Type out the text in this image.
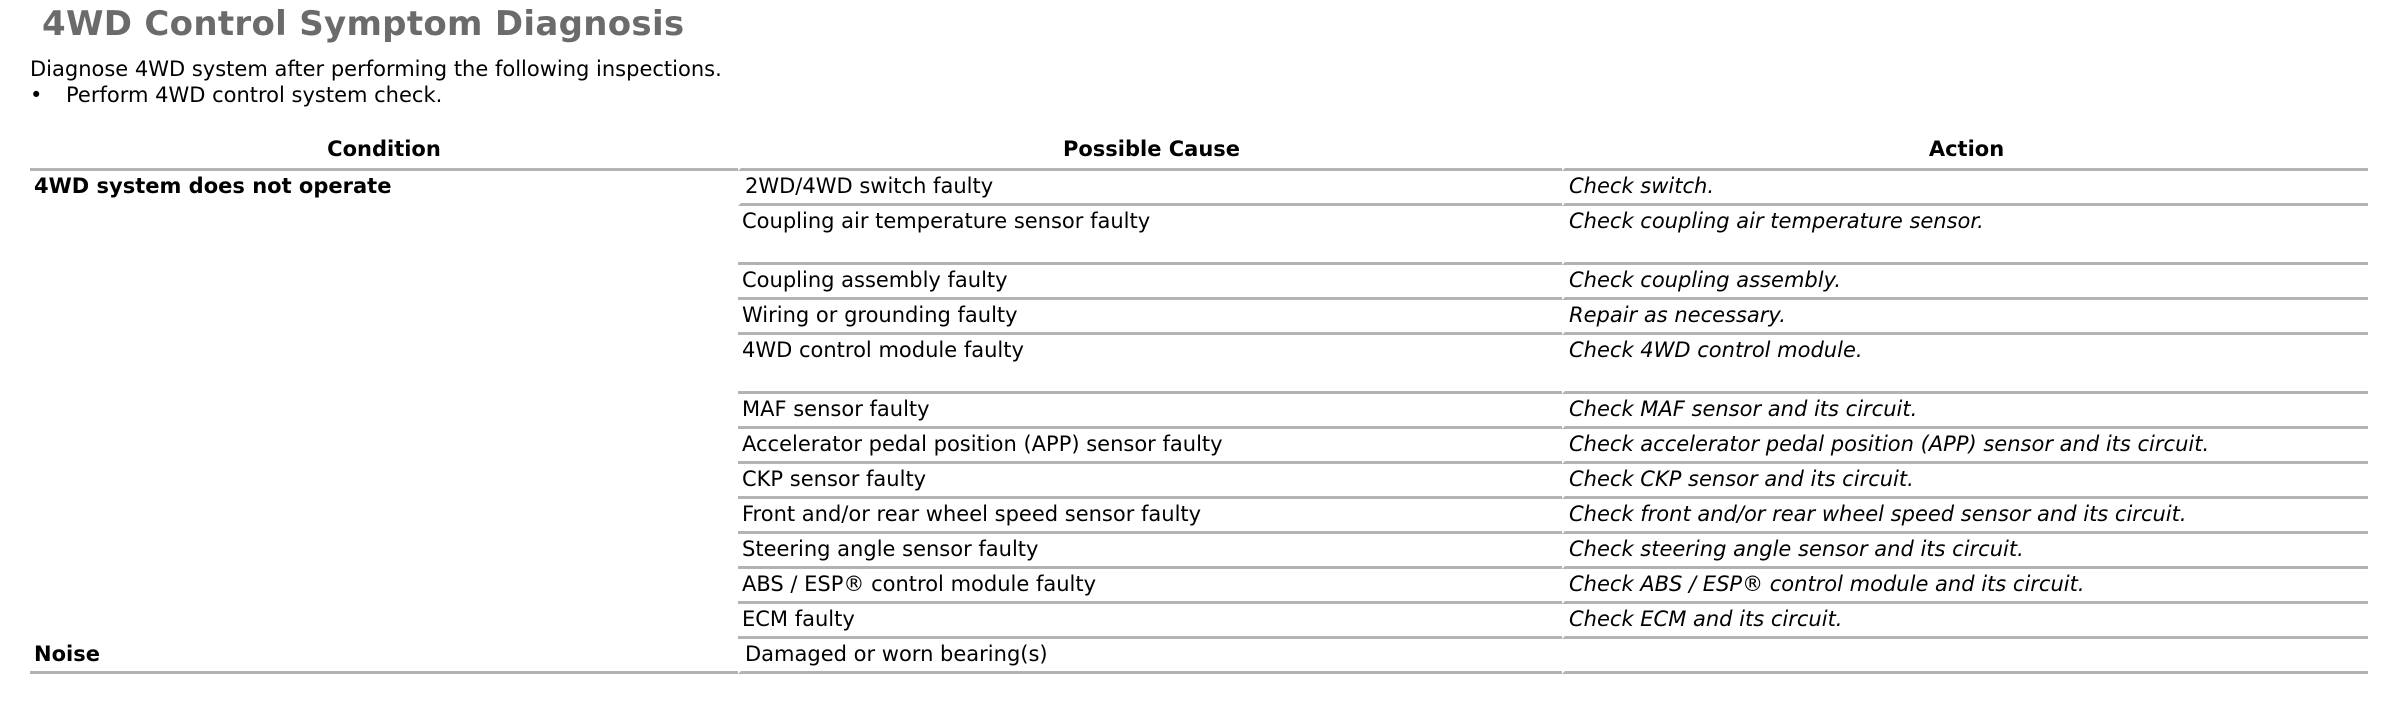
4WD Control Symptom Diagnosis
Diagnose 4WD system after performing the following inspections.
•	Perform 4WD control system check.
Condition	Possible Cause	Action
4WD system does not operate	2WD/4WD switch faulty	Check switch.
	Coupling air temperature sensor faulty	Check coupling air temperature sensor.
	Coupling assembly faulty	Check coupling assembly.
	Wiring or grounding faulty	Repair as necessary.
	4WD control module faulty	Check 4WD control module.
	MAF sensor faulty	Check MAF sensor and its circuit.
	Accelerator pedal position (APP) sensor faulty	Check accelerator pedal position (APP) sensor and its circuit.
	CKP sensor faulty	Check CKP sensor and its circuit.
	Front and/or rear wheel speed sensor faulty	Check front and/or rear wheel speed sensor and its circuit.
	Steering angle sensor faulty	Check steering angle sensor and its circuit.
	ABS / ESP® control module faulty	Check ABS / ESP® control module and its circuit.
	ECM faulty	Check ECM and its circuit.
Noise	Damaged or worn bearing(s)	
